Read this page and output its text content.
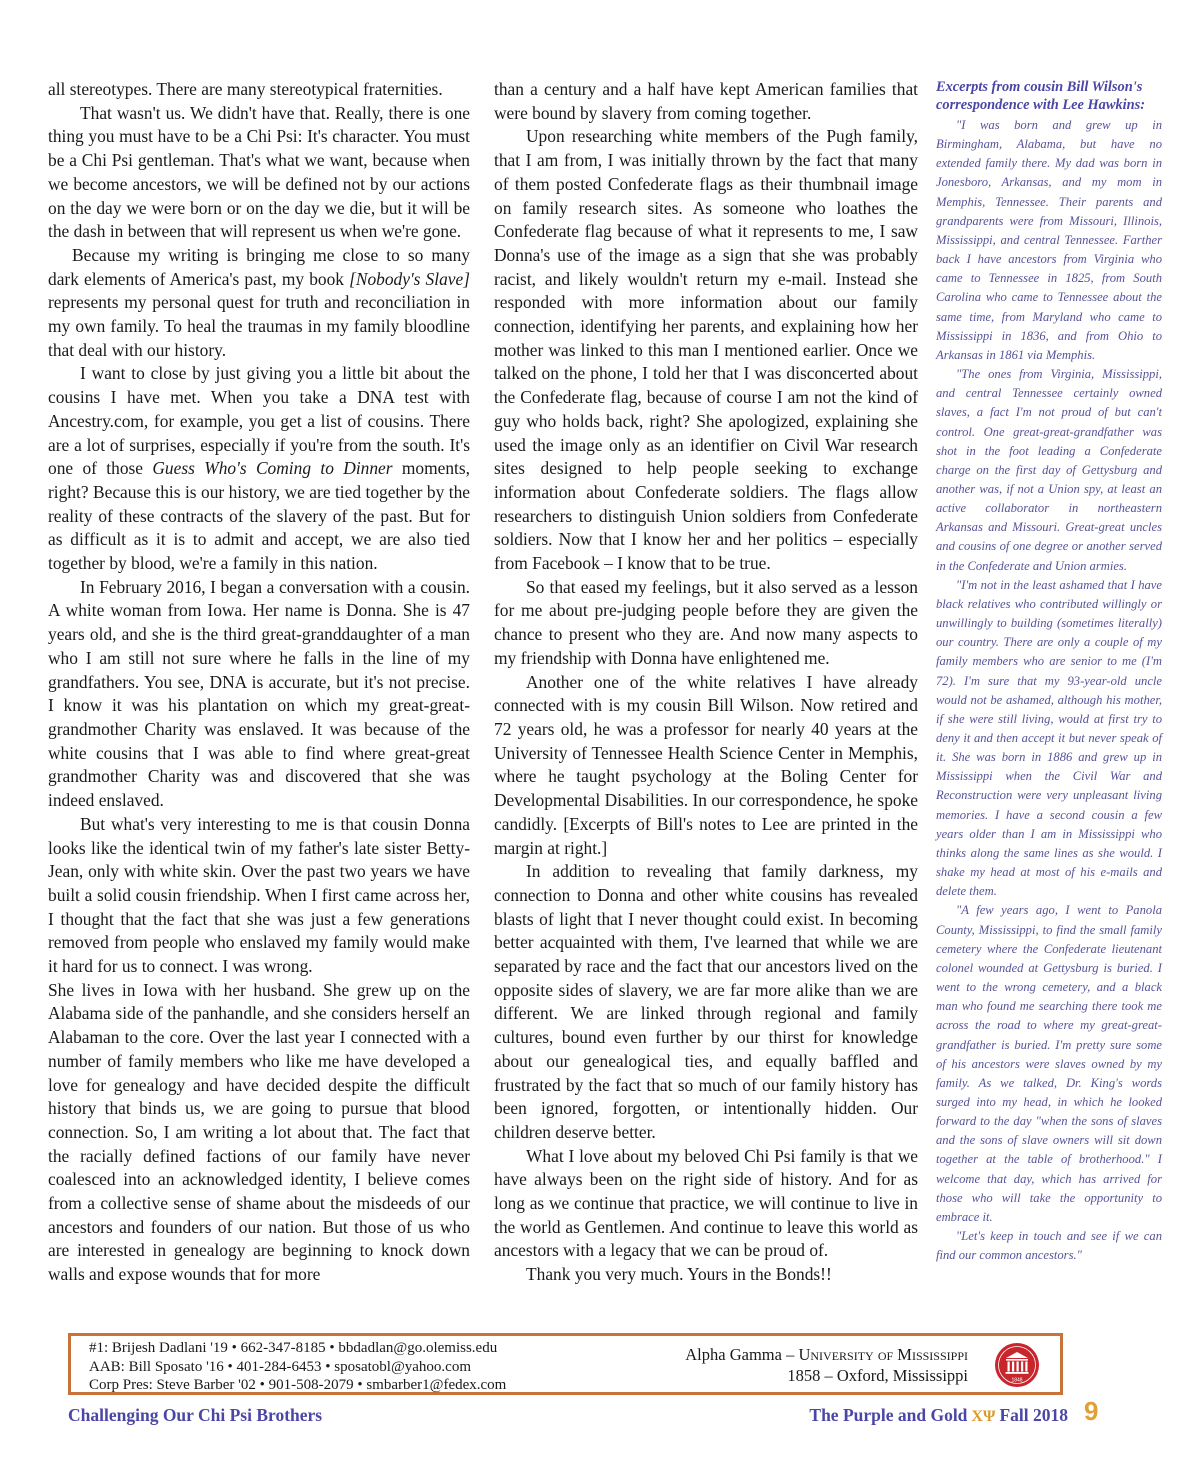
all stereotypes. There are many stereotypical fraternities.

That wasn't us. We didn't have that. Really, there is one thing you must have to be a Chi Psi: It's character. You must be a Chi Psi gentleman. That's what we want, because when we become ancestors, we will be defined not by our actions on the day we were born or on the day we die, but it will be the dash in between that will represent us when we're gone.

Because my writing is bringing me close to so many dark elements of America's past, my book [Nobody's Slave] represents my personal quest for truth and reconciliation in my own family. To heal the traumas in my family bloodline that deal with our history.

I want to close by just giving you a little bit about the cousins I have met. When you take a DNA test with Ancestry.com, for example, you get a list of cousins. There are a lot of surprises, especially if you're from the south. It's one of those Guess Who's Coming to Dinner moments, right? Because this is our history, we are tied together by the reality of these contracts of the slavery of the past. But for as difficult as it is to admit and accept, we are also tied together by blood, we're a family in this nation.

In February 2016, I began a conversation with a cousin. A white woman from Iowa. Her name is Donna. She is 47 years old, and she is the third great-granddaughter of a man who I am still not sure where he falls in the line of my grandfathers. You see, DNA is accurate, but it's not precise. I know it was his plantation on which my great-great-grandmother Charity was enslaved. It was because of the white cousins that I was able to find where great-great grandmother Charity was and discovered that she was indeed enslaved.

But what's very interesting to me is that cousin Donna looks like the identical twin of my father's late sister Betty-Jean, only with white skin. Over the past two years we have built a solid cousin friendship. When I first came across her, I thought that the fact that she was just a few generations removed from people who enslaved my family would make it hard for us to connect. I was wrong.

She lives in Iowa with her husband. She grew up on the Alabama side of the panhandle, and she considers herself an Alabaman to the core. Over the last year I connected with a number of family members who like me have developed a love for genealogy and have decided despite the difficult history that binds us, we are going to pursue that blood connection. So, I am writing a lot about that. The fact that the racially defined factions of our family have never coalesced into an acknowledged identity, I believe comes from a collective sense of shame about the misdeeds of our ancestors and founders of our nation. But those of us who are interested in genealogy are beginning to knock down walls and expose wounds that for more

than a century and a half have kept American families that were bound by slavery from coming together.

Upon researching white members of the Pugh family, that I am from, I was initially thrown by the fact that many of them posted Confederate flags as their thumbnail image on family research sites. As someone who loathes the Confederate flag because of what it represents to me, I saw Donna's use of the image as a sign that she was probably racist, and likely wouldn't return my e-mail. Instead she responded with more information about our family connection, identifying her parents, and explaining how her mother was linked to this man I mentioned earlier. Once we talked on the phone, I told her that I was disconcerted about the Confederate flag, because of course I am not the kind of guy who holds back, right? She apologized, explaining she used the image only as an identifier on Civil War research sites designed to help people seeking to exchange information about Confederate soldiers. The flags allow researchers to distinguish Union soldiers from Confederate soldiers. Now that I know her and her politics – especially from Facebook – I know that to be true.

So that eased my feelings, but it also served as a lesson for me about pre-judging people before they are given the chance to present who they are. And now many aspects to my friendship with Donna have enlightened me.

Another one of the white relatives I have already connected with is my cousin Bill Wilson. Now retired and 72 years old, he was a professor for nearly 40 years at the University of Tennessee Health Science Center in Memphis, where he taught psychology at the Boling Center for Developmental Disabilities. In our correspondence, he spoke candidly. [Excerpts of Bill's notes to Lee are printed in the margin at right.]

In addition to revealing that family darkness, my connection to Donna and other white cousins has revealed blasts of light that I never thought could exist. In becoming better acquainted with them, I've learned that while we are separated by race and the fact that our ancestors lived on the opposite sides of slavery, we are far more alike than we are different. We are linked through regional and family cultures, bound even further by our thirst for knowledge about our genealogical ties, and equally baffled and frustrated by the fact that so much of our family history has been ignored, forgotten, or intentionally hidden. Our children deserve better.

What I love about my beloved Chi Psi family is that we have always been on the right side of history. And for as long as we continue that practice, we will continue to live in the world as Gentlemen. And continue to leave this world as ancestors with a legacy that we can be proud of.

Thank you very much. Yours in the Bonds!!

Excerpts from cousin Bill Wilson's correspondence with Lee Hawkins:

"I was born and grew up in Birmingham, Alabama, but have no extended family there. My dad was born in Jonesboro, Arkansas, and my mom in Memphis, Tennessee. Their parents and grandparents were from Missouri, Illinois, Mississippi, and central Tennessee. Farther back I have ancestors from Virginia who came to Tennessee in 1825, from South Carolina who came to Tennessee about the same time, from Maryland who came to Mississippi in 1836, and from Ohio to Arkansas in 1861 via Memphis.

"The ones from Virginia, Mississippi, and central Tennessee certainly owned slaves, a fact I'm not proud of but can't control. One great-great-grandfather was shot in the foot leading a Confederate charge on the first day of Gettysburg and another was, if not a Union spy, at least an active collaborator in northeastern Arkansas and Missouri. Great-great uncles and cousins of one degree or another served in the Confederate and Union armies.

"I'm not in the least ashamed that I have black relatives who contributed willingly or unwillingly to building (sometimes literally) our country. There are only a couple of my family members who are senior to me (I'm 72). I'm sure that my 93-year-old uncle would not be ashamed, although his mother, if she were still living, would at first try to deny it and then accept it but never speak of it. She was born in 1886 and grew up in Mississippi when the Civil War and Reconstruction were very unpleasant living memories. I have a second cousin a few years older than I am in Mississippi who thinks along the same lines as she would. I shake my head at most of his e-mails and delete them.

"A few years ago, I went to Panola County, Mississippi, to find the small family cemetery where the Confederate lieutenant colonel wounded at Gettysburg is buried. I went to the wrong cemetery, and a black man who found me searching there took me across the road to where my great-great-grandfather is buried. I'm pretty sure some of his ancestors were slaves owned by my family. As we talked, Dr. King's words surged into my head, in which he looked forward to the day "when the sons of slaves and the sons of slave owners will sit down together at the table of brotherhood." I welcome that day, which has arrived for those who will take the opportunity to embrace it.

"Let's keep in touch and see if we can find our common ancestors."

#1: Brijesh Dadlani '19 • 662-347-8185 • bbdadlan@go.olemiss.edu
AAB: Bill Sposato '16 • 401-284-6453 • sposatobl@yahoo.com
Corp Pres: Steve Barber '02 • 901-508-2079 • smbarber1@fedex.com
Alpha Gamma – University of Mississippi
1858 – Oxford, Mississippi	1848
Challenging Our Chi Psi Brothers	The Purple and Gold ΧΨ Fall 2018 9
